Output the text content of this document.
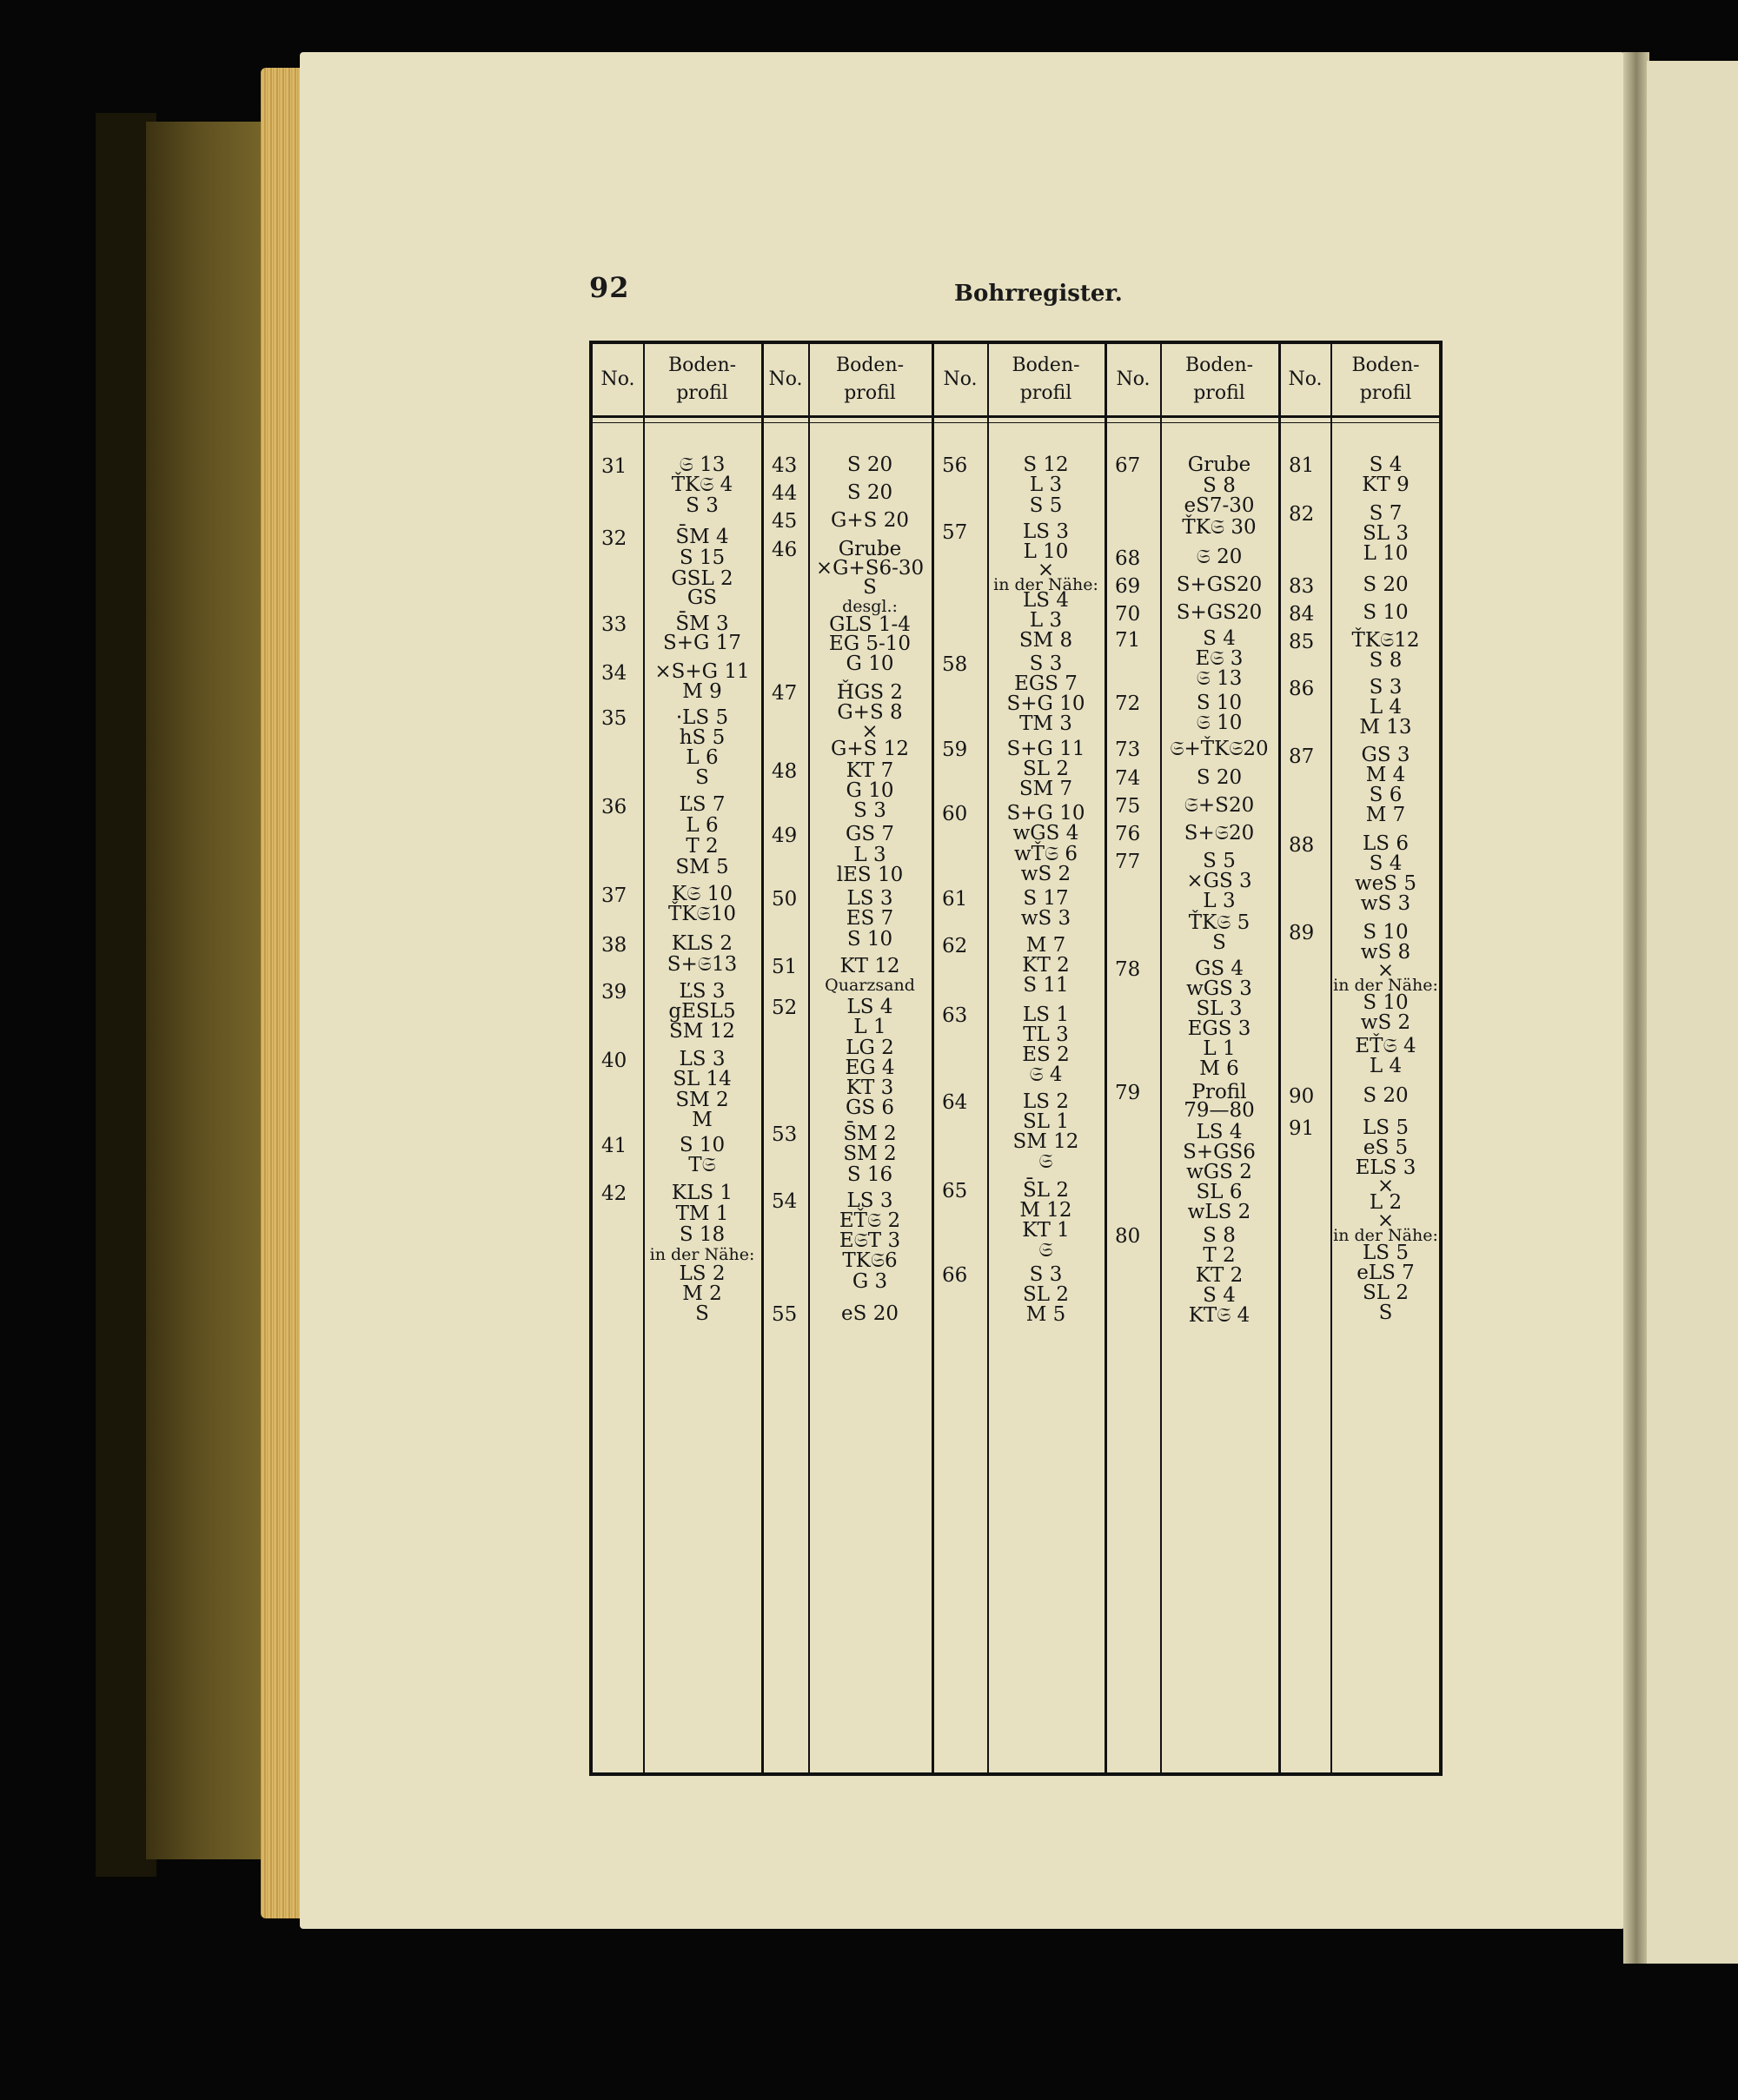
92	Bohrregister.
No.
Boden-
profil
31
32
33
34
35
36
37
38
39
40
41
42
𝔖 13
ŤK𝔖 4
S 3
S̄M 4
S 15
GSL 2
GS
S̄M 3
S+G 17
×S+G 11
M 9
·LS 5
hS 5
L 6
S
ĽS 7
L 6
T 2
SM 5
K𝔖 10
ŤK𝔖10
KLS 2
S+𝔖13
ĽS 3
gESL5
SM 12
LS 3
SL 14
SM 2
M
S 10
T𝔖
KLS 1
TM 1
S 18
in der Nähe:
LS 2
M 2
S
No.
Boden-
profil
43
44
45
46
47
48
49
50
51
52
53
54
55
S 20
S 20
G+S 20
Grube
×G+S6-30
S
desgl.:
GLS 1-4
EG 5-10
G 10
ȞGS 2
G+S 8
×
G+S 12
KT 7
G 10
S 3
GS 7
L 3
lES 10
LS 3
ES 7
S 10
KT 12
Quarzsand
LS 4
L 1
LG 2
EG 4
KT 3
GS 6
S̄M 2
SM 2
S 16
LS 3
EŤ𝔖 2
E𝔖T 3
TK𝔖6
G 3
eS 20
No.
Boden-
profil
56
57
58
59
60
61
62
63
64
65
66
S 12
L 3
S 5
LS 3
L 10
×
in der Nähe:
LS 4
L 3
SM 8
S 3
EGS 7
S+G 10
TM 3
S+G 11
SL 2
SM 7
S+G 10
wGS 4
wŤ𝔖 6
wS 2
S 17
wS 3
M 7
KT 2
S 11
LS 1
TL 3
ES 2
𝔖 4
LS 2
SL 1
SM 12
𝔖
S̄L 2
M 12
KT 1
𝔖
S 3
SL 2
M 5
No.
Boden-
profil
67
68
69
70
71
72
73
74
75
76
77
78
79
80
Grube
S 8
eS7-30
ŤK𝔖 30
𝔖 20
S+GS20
S+GS20
S 4
E𝔖 3
𝔖 13
S 10
𝔖 10
𝔖+ŤK𝔖20
S 20
𝔖+S20
S+𝔖20
S 5
×GS 3
L 3
ŤK𝔖 5
S
GS 4
wGS 3
SL 3
EGS 3
L 1
M 6
Profil
79—80
LS 4
S+GS6
wGS 2
SL 6
wLS 2
S 8
T 2
KT 2
S 4
KT𝔖 4
No.
Boden-
profil
81
82
83
84
85
86
87
88
89
90
91
S 4
KT 9
S 7
SL 3
L 10
S 20
S 10
ŤK𝔖12
S 8
S 3
L 4
M 13
GS 3
M 4
S 6
M 7
LS 6
S 4
weS 5
wS 3
S 10
wS 8
×
in der Nähe:
S 10
wS 2
EŤ𝔖 4
L 4
S 20
LS 5
eS 5
ELS 3
×
L 2
×
in der Nähe:
LS 5
eLS 7
SL 2
S
